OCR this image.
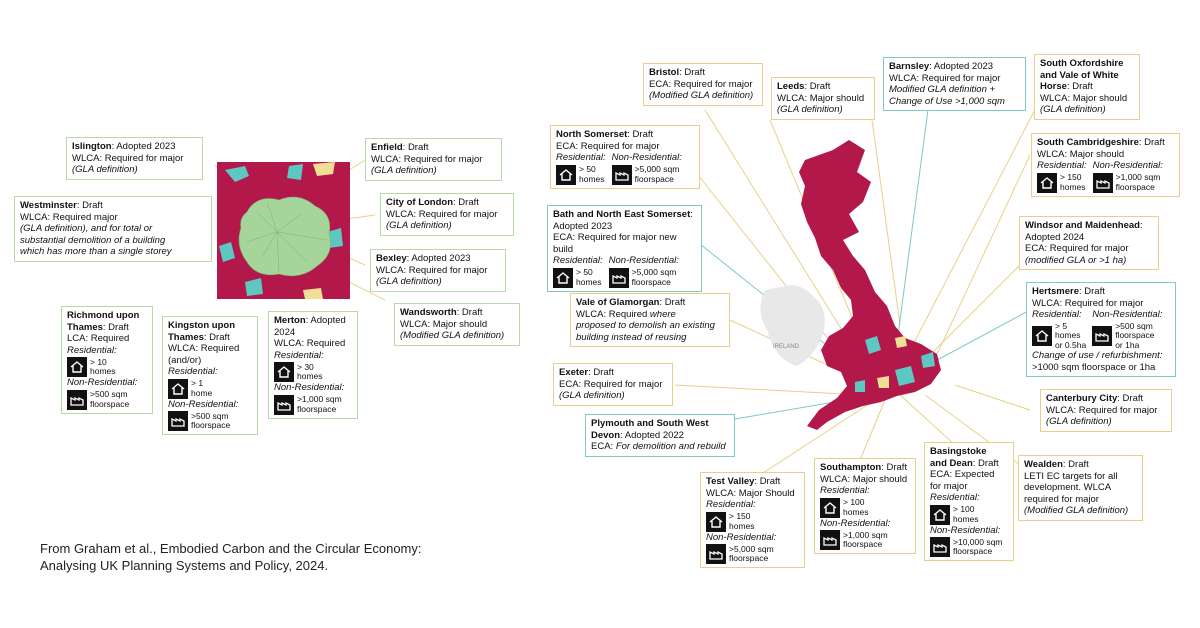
IRELAND
Islington: Adopted 2023
WLCA: Required for major
(GLA definition)
Enfield: Draft
WLCA: Required for major
(GLA definition)
Westminster: Draft
WLCA: Required major
(GLA definition), and for total or
substantial demolition of a building
which has more than a single storey
City of London: Draft
WLCA: Required for major
(GLA definition)
Bexley: Adopted 2023
WLCA: Required for major
(GLA definition)
Wandsworth: Draft
WLCA: Major should
(Modified GLA definition)
Richmond upon
Thames: Draft
LCA: Required
Residential:

> 10
homes

Non-Residential:

>500 sqm
floorspace
Kingston upon
Thames: Draft
WLCA: Required
(and/or)
Residential:

> 1
home

Non-Residential:

>500 sqm
floorspace
Merton: Adopted
2024
WLCA: Required
Residential:

> 30
homes

Non-Residential:

>1,000 sqm
floorspace
Bristol: Draft
ECA: Required for major
(Modified GLA definition)
Leeds: Draft
WLCA: Major should
(GLA definition)
Barnsley: Adopted 2023
WLCA: Required for major
Modified GLA definition +
Change of Use >1,000 sqm
South Oxfordshire
and Vale of White
Horse: Draft
WLCA: Major should
(GLA definition)
North Somerset: Draft
ECA: Required for major
Residential:

> 50
homes
Non-Residential:

>5,000 sqm
floorspace
South Cambridgeshire: Draft
WLCA: Major should
Residential:

> 150
homes
Non-Residential:

>1,000 sqm
floorspace
Bath and North East Somerset:
Adopted 2023
ECA: Required for major new build
Residential:

> 50
homes
Non-Residential:

>5,000 sqm
floorspace
Windsor and Maidenhead:
Adopted 2024
ECA: Required for major
(modified GLA or >1 ha)
Vale of Glamorgan: Draft
WLCA: Required where
proposed to demolish an existing
building instead of reusing
Hertsmere: Draft
WLCA: Required for major
Residential:

> 5
homes
or 0.5ha
Non-Residential:

>500 sqm
floorspace
or 1ha
Change of use / refurbishment:
>1000 sqm floorspace or 1ha
Exeter: Draft
ECA: Required for major
(GLA definition)	Canterbury City: Draft
WLCA: Required for major
(GLA definition)
Plymouth and South West
Devon: Adopted 2022
ECA: For demolition and rebuild
Test Valley: Draft
WLCA: Major Should
Residential:

> 150
homes

Non-Residential:

>5,000 sqm
floorspace
Southampton: Draft
WLCA: Major should
Residential:

> 100
homes

Non-Residential:

>1,000 sqm
floorspace
Basingstoke
and Dean: Draft
ECA: Expected
for major
Residential:

> 100
homes

Non-Residential:

>10,000 sqm
floorspace
Wealden: Draft
LETI EC targets for all
development. WLCA
required for major
(Modified GLA definition)
From Graham et al., Embodied Carbon and the Circular Economy:
Analysing UK Planning Systems and Policy, 2024.
